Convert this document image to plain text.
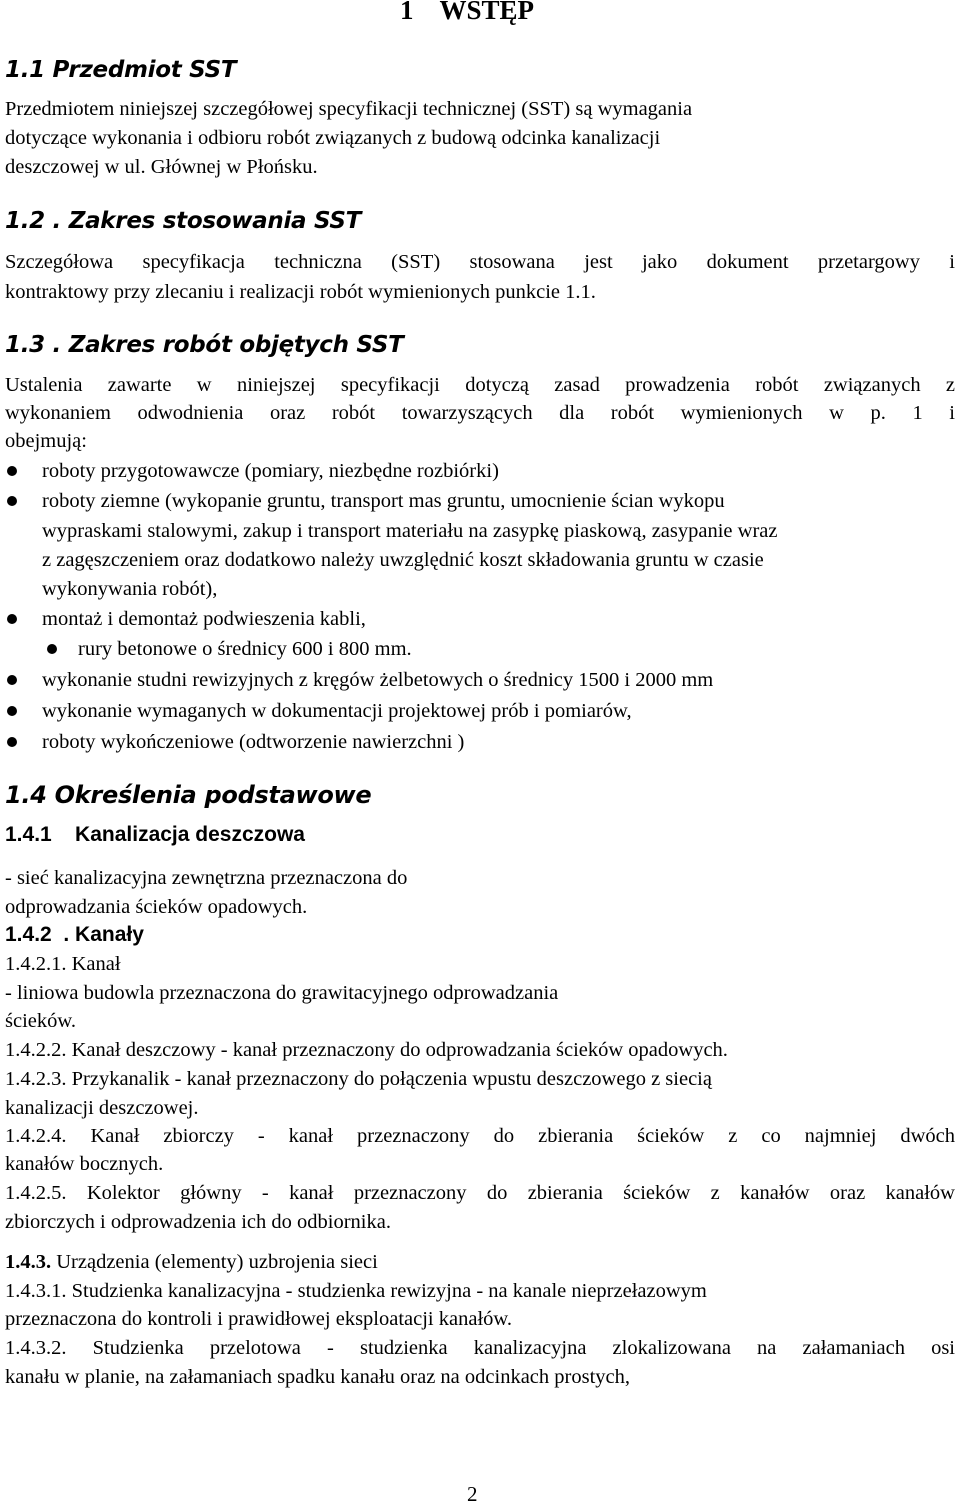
1 WSTĘP
1.1 Przedmiot SST
Przedmiotem niniejszej szczegółowej specyfikacji technicznej (SST) są wymagania
dotyczące wykonania i odbioru robót związanych z budową odcinka kanalizacji
deszczowej w ul. Głównej w Płońsku.
1.2 . Zakres stosowania SST
Szczegółowa specyfikacja techniczna (SST) stosowana jest jako dokument przetargowy i
kontraktowy przy zlecaniu i realizacji robót wymienionych punkcie 1.1.
1.3 . Zakres robót objętych SST
Ustalenia zawarte w niniejszej specyfikacji dotyczą zasad prowadzenia robót związanych z
wykonaniem odwodnienia oraz robót towarzyszących dla robót wymienionych w p. 1 i
obejmują:
roboty przygotowawcze (pomiary, niezbędne rozbiórki)
roboty ziemne (wykopanie gruntu, transport mas gruntu, umocnienie ścian wykopu
wypraskami stalowymi, zakup i transport materiału na zasypkę piaskową, zasypanie wraz
z zagęszczeniem oraz dodatkowo należy uwzględnić koszt składowania gruntu w czasie
wykonywania robót),
montaż i demontaż podwieszenia kabli,
rury betonowe o średnicy 600 i 800 mm.
wykonanie studni rewizyjnych z kręgów żelbetowych o średnicy 1500 i 2000 mm
wykonanie wymaganych w dokumentacji projektowej prób i pomiarów,
roboty wykończeniowe (odtworzenie nawierzchni )
1.4 Określenia podstawowe
1.4.1    Kanalizacja deszczowa
- sieć kanalizacyjna zewnętrzna przeznaczona do
odprowadzania ścieków opadowych.
1.4.2  . Kanały
1.4.2.1. Kanał
- liniowa budowla przeznaczona do grawitacyjnego odprowadzania
ścieków.
1.4.2.2. Kanał deszczowy - kanał przeznaczony do odprowadzania ścieków opadowych.
1.4.2.3. Przykanalik - kanał przeznaczony do połączenia wpustu deszczowego z siecią
kanalizacji deszczowej.
1.4.2.4. Kanał zbiorczy - kanał przeznaczony do zbierania ścieków z co najmniej dwóch
kanałów bocznych.
1.4.2.5. Kolektor główny - kanał przeznaczony do zbierania ścieków z kanałów oraz kanałów
zbiorczych i odprowadzenia ich do odbiornika.
1.4.3. Urządzenia (elementy) uzbrojenia sieci
1.4.3.1. Studzienka kanalizacyjna - studzienka rewizyjna - na kanale nieprzełazowym
przeznaczona do kontroli i prawidłowej eksploatacji kanałów.
1.4.3.2. Studzienka przelotowa - studzienka kanalizacyjna zlokalizowana na załamaniach osi
kanału w planie, na załamaniach spadku kanału oraz na odcinkach prostych,
2
